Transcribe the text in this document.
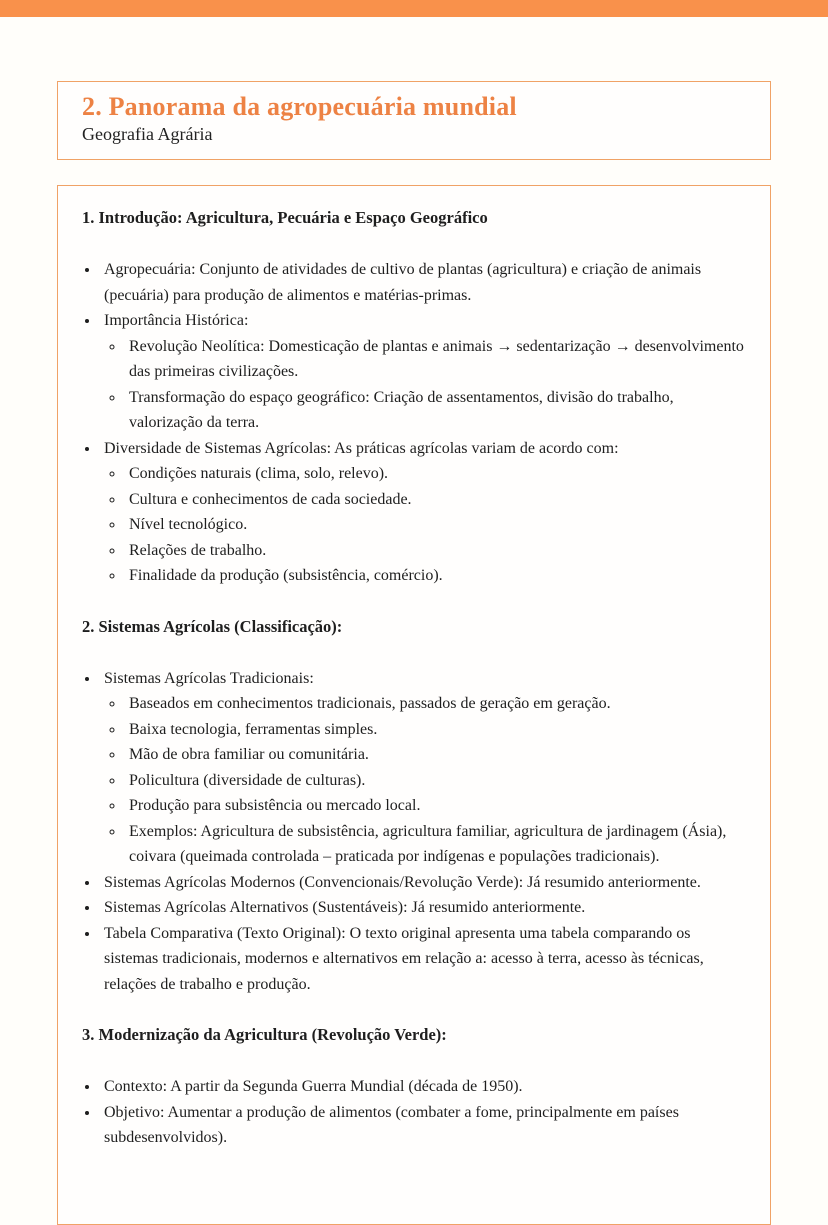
2. Panorama da agropecuária mundial
Geografia Agrária
1. Introdução: Agricultura, Pecuária e Espaço Geográfico
• Agropecuária: Conjunto de atividades de cultivo de plantas (agricultura) e criação de animais (pecuária) para produção de alimentos e matérias-primas.
• Importância Histórica:
◦ Revolução Neolítica: Domesticação de plantas e animais → sedentarização → desenvolvimento das primeiras civilizações.
◦ Transformação do espaço geográfico: Criação de assentamentos, divisão do trabalho, valorização da terra.
• Diversidade de Sistemas Agrícolas: As práticas agrícolas variam de acordo com:
◦ Condições naturais (clima, solo, relevo).
◦ Cultura e conhecimentos de cada sociedade.
◦ Nível tecnológico.
◦ Relações de trabalho.
◦ Finalidade da produção (subsistência, comércio).
2. Sistemas Agrícolas (Classificação):
• Sistemas Agrícolas Tradicionais:
◦ Baseados em conhecimentos tradicionais, passados de geração em geração.
◦ Baixa tecnologia, ferramentas simples.
◦ Mão de obra familiar ou comunitária.
◦ Policultura (diversidade de culturas).
◦ Produção para subsistência ou mercado local.
◦ Exemplos: Agricultura de subsistência, agricultura familiar, agricultura de jardinagem (Ásia), coivara (queimada controlada – praticada por indígenas e populações tradicionais).
• Sistemas Agrícolas Modernos (Convencionais/Revolução Verde): Já resumido anteriormente.
• Sistemas Agrícolas Alternativos (Sustentáveis): Já resumido anteriormente.
• Tabela Comparativa (Texto Original): O texto original apresenta uma tabela comparando os sistemas tradicionais, modernos e alternativos em relação a: acesso à terra, acesso às técnicas, relações de trabalho e produção.
3. Modernização da Agricultura (Revolução Verde):
• Contexto: A partir da Segunda Guerra Mundial (década de 1950).
• Objetivo: Aumentar a produção de alimentos (combater a fome, principalmente em países subdesenvolvidos).
